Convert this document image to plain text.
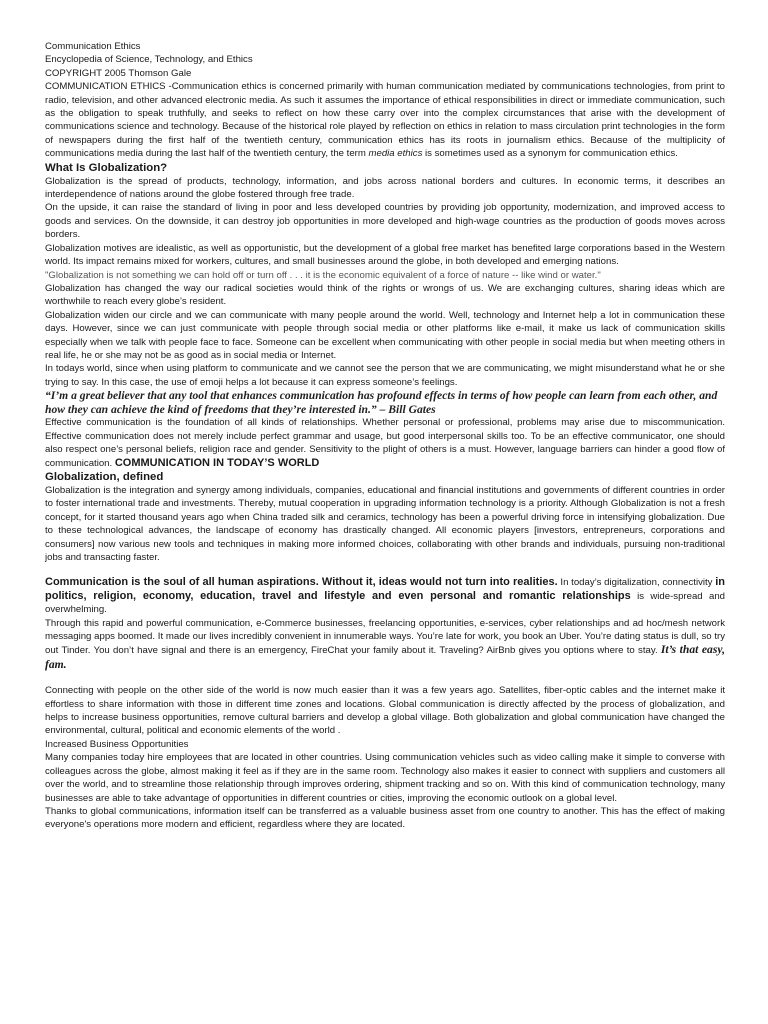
Communication Ethics

Encyclopedia of Science, Technology, and Ethics

COPYRIGHT 2005 Thomson Gale

COMMUNICATION ETHICS -Communication ethics is concerned primarily with human communication mediated by communications technologies, from print to radio, television, and other advanced electronic media. As such it assumes the importance of ethical responsibilities in direct or immediate communication, such as the obligation to speak truthfully, and seeks to reflect on how these carry over into the complex circumstances that arise with the development of communications science and technology. Because of the historical role played by reflection on ethics in relation to mass circulation print technologies in the form of newspapers during the first half of the twentieth century, communication ethics has its roots in journalism ethics. Because of the multiplicity of communications media during the last half of the twentieth century, the term media ethics is sometimes used as a synonym for communication ethics.

What Is Globalization?

Globalization is the spread of products, technology, information, and jobs across national borders and cultures. In economic terms, it describes an interdependence of nations around the globe fostered through free trade.

On the upside, it can raise the standard of living in poor and less developed countries by providing job opportunity, modernization, and improved access to goods and services. On the downside, it can destroy job opportunities in more developed and high-wage countries as the production of goods moves across borders.

Globalization motives are idealistic, as well as opportunistic, but the development of a global free market has benefited large corporations based in the Western world. Its impact remains mixed for workers, cultures, and small businesses around the globe, in both developed and emerging nations.

"Globalization is not something we can hold off or turn off . . . it is the economic equivalent of a force of nature -- like wind or water."

Globalization has changed the way our radical societies would think of the rights or wrongs of us. We are exchanging cultures, sharing ideas which are worthwhile to reach every globe’s resident.

Globalization widen our circle and we can communicate with many people around the world. Well, technology and Internet help a lot in communication these days. However, since we can just communicate with people through social media or other platforms like e-mail, it make us lack of communication skills especially when we talk with people face to face. Someone can be excellent when communicating with other people in social media but when meeting others in real life, he or she may not be as good as in social media or Internet.

In todays world, since when using platform to communicate and we cannot see the person that we are communicating, we might misunderstand what he or she trying to say. In this case, the use of emoji helps a lot because it can express someone’s feelings.

“I’m a great believer that any tool that enhances communication has profound effects in terms of how people can learn from each other, and how they can achieve the kind of freedoms that they’re interested in.” – Bill Gates

Effective communication is the foundation of all kinds of relationships. Whether personal or professional, problems may arise due to miscommunication. Effective communication does not merely include perfect grammar and usage, but good interpersonal skills too. To be an effective communicator, one should also respect one’s personal beliefs, religion race and gender. Sensitivity to the plight of others is a must. However, language barriers can hinder a good flow of communication. COMMUNICATION IN TODAY’S WORLD

Globalization, defined

Globalization is the integration and synergy among individuals, companies, educational and financial institutions and governments of different countries in order to foster international trade and investments. Thereby, mutual cooperation in upgrading information technology is a priority. Although Globalization is not a fresh concept, for it started thousand years ago when China traded silk and ceramics, technology has been a powerful driving force in intensifying globalization. Due to these technological advances, the landscape of economy has drastically changed. All economic players [investors, entrepreneurs, corporations and consumers] now various new tools and techniques in making more informed choices, collaborating with other brands and individuals, pursuing non-traditional jobs and transacting faster.

Communication is the soul of all human aspirations. Without it, ideas would not turn into realities. In today’s digitalization, connectivity in politics, religion, economy, education, travel and lifestyle and even personal and romantic relationships is wide-spread and overwhelming.

Through this rapid and powerful communication, e-Commerce businesses, freelancing opportunities, e-services, cyber relationships and ad hoc/mesh network messaging apps boomed. It made our lives incredibly convenient in innumerable ways. You’re late for work, you book an Uber. You’re dating status is dull, so try out Tinder. You don’t have signal and there is an emergency, FireChat your family about it. Traveling? AirBnb gives you options where to stay. It’s that easy, fam.

Connecting with people on the other side of the world is now much easier than it was a few years ago. Satellites, fiber-optic cables and the internet make it effortless to share information with those in different time zones and locations. Global communication is directly affected by the process of globalization, and helps to increase business opportunities, remove cultural barriers and develop a global village. Both globalization and global communication have changed the environmental, cultural, political and economic elements of the world .

Increased Business Opportunities

Many companies today hire employees that are located in other countries. Using communication vehicles such as video calling make it simple to converse with colleagues across the globe, almost making it feel as if they are in the same room. Technology also makes it easier to connect with suppliers and customers all over the world, and to streamline those relationship through improves ordering, shipment tracking and so on. With this kind of communication technology, many businesses are able to take advantage of opportunities in different countries or cities, improving the economic outlook on a global level.

Thanks to global communications, information itself can be transferred as a valuable business asset from one country to another. This has the effect of making everyone's operations more modern and efficient, regardless where they are located.
